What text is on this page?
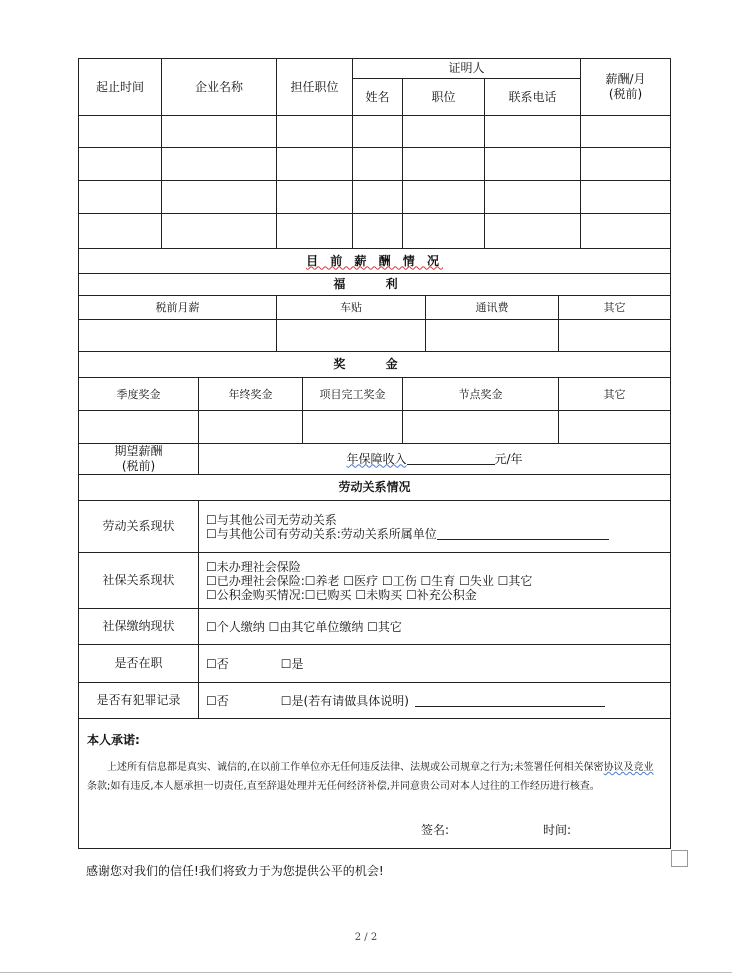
起止时间	企业名称		担任职位		证明人					薪酬/月
(税前)

					姓名	职位		联系电话		

目 前 薪 酬 情 况										
福 利										
税前月薪			车贴				通讯费		其它	

奖 金										
季度奖金		年终奖金		项目完工奖金		节点奖金			其它	

期望薪酬
(税前)		年保障收入 元/年								
劳动关系情况										
劳动关系现状		☐与其他公司无劳动关系
☐与其他公司有劳动关系:劳动关系所属单位								

社保关系现状		☐未办理社会保险
☐已办理社会保险:☐养老 ☐医疗 ☐工伤 ☐生育 ☐失业 ☐其它
☐公积金购买情况:☐已购买 ☐未购买 ☐补充公积金								

社保缴纳现状		☐个人缴纳 ☐由其它单位缴纳 ☐其它								
是否在职		☐否 ☐是								
是否有犯罪记录		☐否 ☐是(若有请做具体说明)								

本人承诺:
上述所有信息都是真实、诚信的,在以前工作单位亦无任何违反法律、法规或公司规章之行为;未签署任何相关保密协议及竞业条款;如有违反,本人愿承担一切责任,直至辞退处理并无任何经济补偿,并同意贵公司对本人过往的工作经历进行核查。
签名: 时间:										
感谢您对我们的信任!我们将致力于为您提供公平的机会!
2 / 2
